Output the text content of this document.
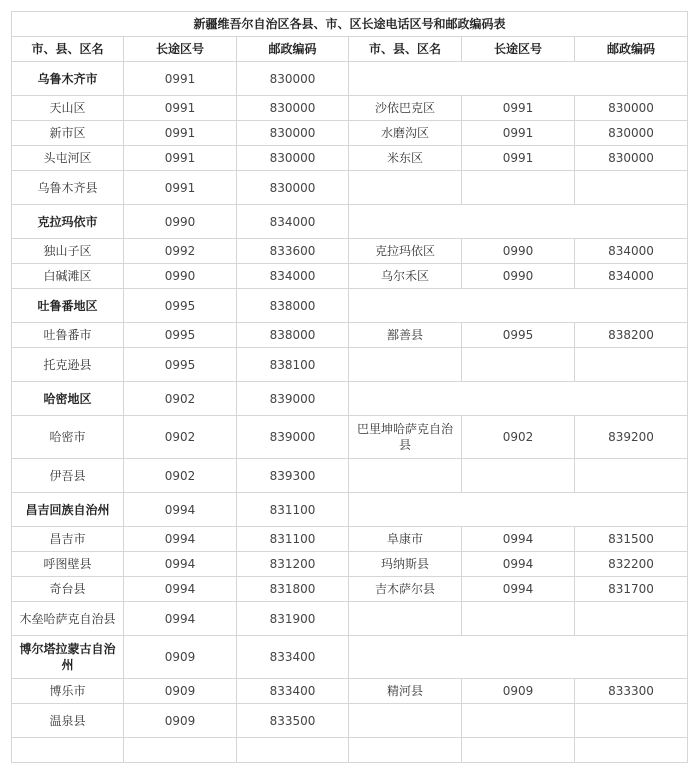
新疆维吾尔自治区各县、市、区长途电话区号和邮政编码表					
市、县、区名	长途区号	邮政编码	市、县、区名	长途区号	邮政编码
乌鲁木齐市	0991	830000			
天山区	0991	830000	沙依巴克区	0991	830000
新市区	0991	830000	水磨沟区	0991	830000
头屯河区	0991	830000	米东区	0991	830000
乌鲁木齐县	0991	830000			
克拉玛依市	0990	834000			
独山子区	0992	833600	克拉玛依区	0990	834000
白碱滩区	0990	834000	乌尔禾区	0990	834000
吐鲁番地区	0995	838000			
吐鲁番市	0995	838000	鄯善县	0995	838200
托克逊县	0995	838100			
哈密地区	0902	839000			
哈密市	0902	839000	巴里坤哈萨克自治县	0902	839200
伊吾县	0902	839300			
昌吉回族自治州	0994	831100			
昌吉市	0994	831100	阜康市	0994	831500
呼图壁县	0994	831200	玛纳斯县	0994	832200
奇台县	0994	831800	吉木萨尔县	0994	831700
木垒哈萨克自治县	0994	831900			
博尔塔拉蒙古自治州	0909	833400			
博乐市	0909	833400	精河县	0909	833300
温泉县	0909	833500			
